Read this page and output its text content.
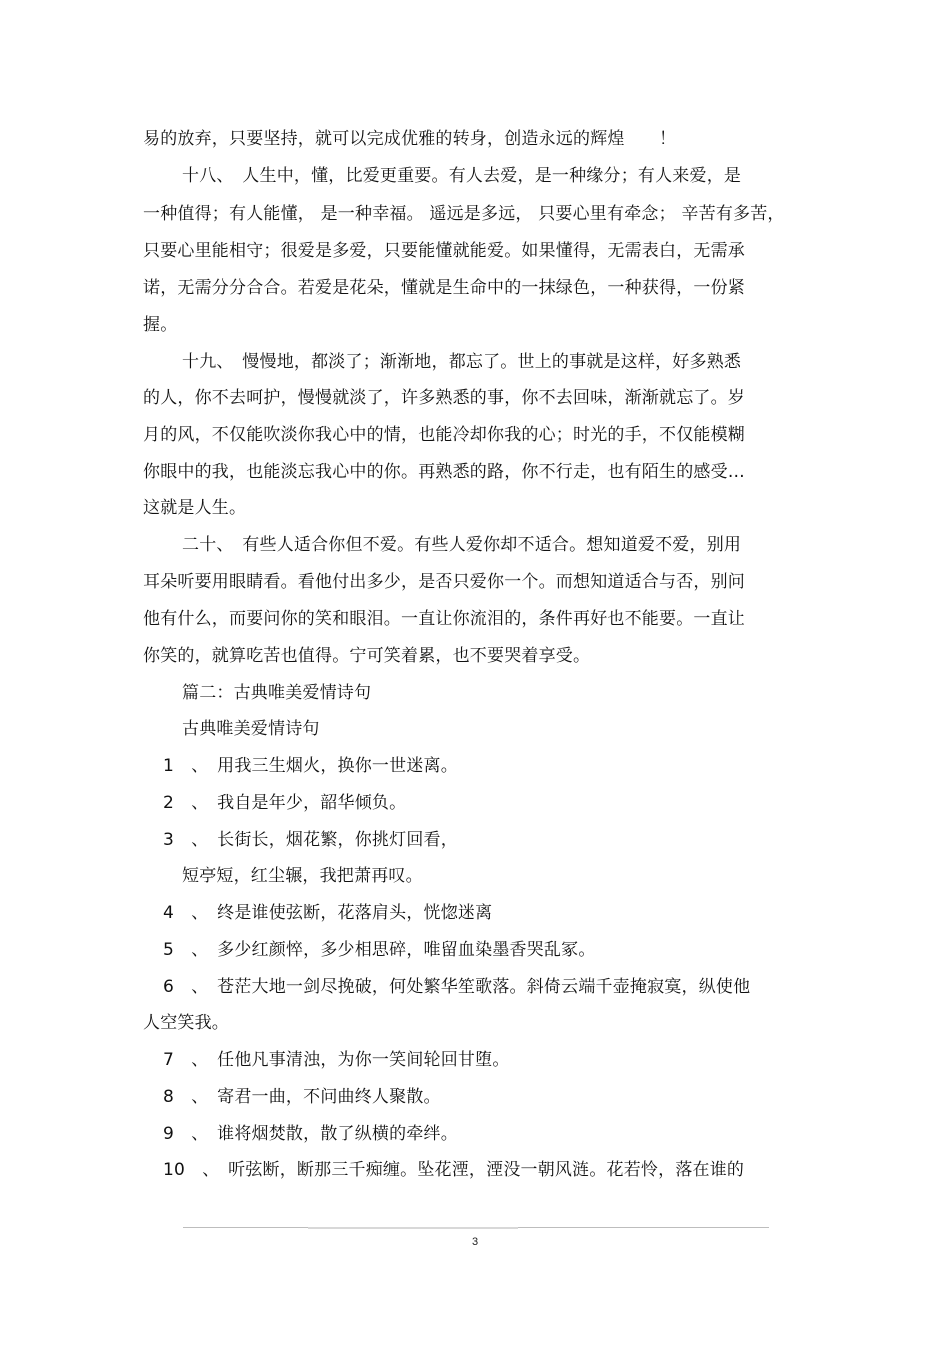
易的放弃，只要坚持，就可以完成优雅的转身，创造永远的辉煌　　！
十八、　人生中，懂，比爱更重要。有人去爱，是一种缘分；有人来爱，是
一种值得；有人能懂， 是一种幸福。 遥远是多远， 只要心里有牵念； 辛苦有多苦，
只要心里能相守；很爱是多爱，只要能懂就能爱。如果懂得，无需表白，无需承
诺，无需分分合合。若爱是花朵，懂就是生命中的一抹绿色，一种获得，一份紧
握。
十九、　慢慢地，都淡了；渐渐地，都忘了。世上的事就是这样，好多熟悉
的人，你不去呵护，慢慢就淡了，许多熟悉的事，你不去回味，渐渐就忘了。岁
月的风，不仅能吹淡你我心中的情，也能冷却你我的心；时光的手，不仅能模糊
你眼中的我，也能淡忘我心中的你。再熟悉的路，你不行走，也有陌生的感受…
这就是人生。
二十、　有些人适合你但不爱。有些人爱你却不适合。想知道爱不爱，别用
耳朵听要用眼睛看。看他付出多少，是否只爱你一个。而想知道适合与否，别问
他有什么，而要问你的笑和眼泪。一直让你流泪的，条件再好也不能要。一直让
你笑的，就算吃苦也值得。宁可笑着累，也不要哭着享受。
篇二：古典唯美爱情诗句
古典唯美爱情诗句
1　、　用我三生烟火，换你一世迷离。
2　、　我自是年少，韶华倾负。
3　、　长街长，烟花繁，你挑灯回看，
短亭短，红尘辗，我把萧再叹。
4　、　终是谁使弦断，花落肩头，恍惚迷离
5　、　多少红颜悴，多少相思碎，唯留血染墨香哭乱冢。
6　、　苍茫大地一剑尽挽破，何处繁华笙歌落。斜倚云端千壶掩寂寞，纵使他
人空笑我。
7　、　任他凡事清浊，为你一笑间轮回甘堕。
8　、　寄君一曲，不问曲终人聚散。
9　、　谁将烟焚散，散了纵横的牵绊。
10　、　听弦断，断那三千痴缠。坠花湮，湮没一朝风涟。花若怜，落在谁的
3
